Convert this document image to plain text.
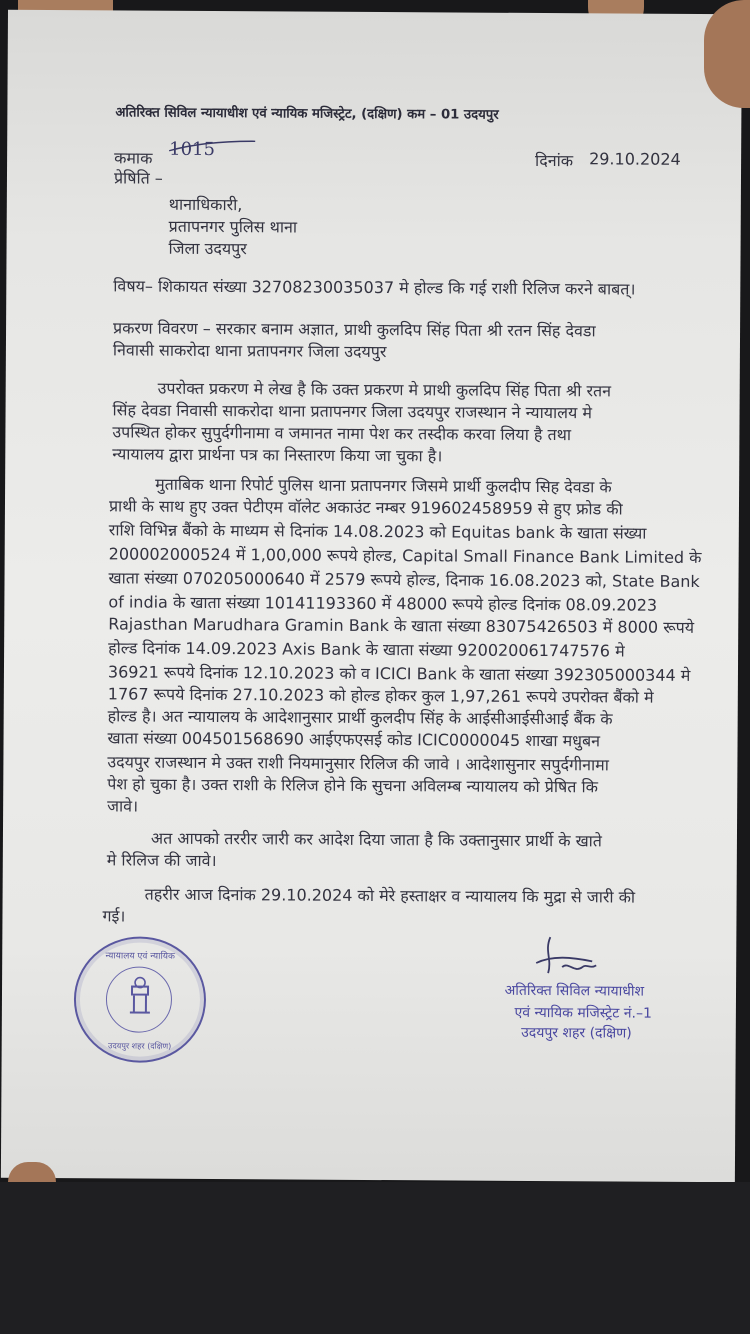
अतिरिक्त सिविल न्यायाधीश एवं न्यायिक मजिस्ट्रेट, (दक्षिण) कम – 01 उदयपुर
कमाक 1015
दिनांक 29.10.2024
प्रेषिति –
थानाधिकारी,
प्रतापनगर पुलिस थाना
जिला उदयपुर
विषय– शिकायत संख्या 32708230035037 मे होल्ड कि गई राशी रिलिज करने बाबत्।
प्रकरण विवरण – सरकार बनाम अज्ञात, प्राथी कुलदिप सिंह पिता श्री रतन सिंह देवडा
निवासी साकरोदा थाना प्रतापनगर जिला उदयपुर
उपरोक्त प्रकरण मे लेख है कि उक्त प्रकरण मे प्राथी कुलदिप सिंह पिता श्री रतन
सिंह देवडा निवासी साकरोदा थाना प्रतापनगर जिला उदयपुर राजस्थान ने न्यायालय मे
उपस्थित होकर सुपुर्दगीनामा व जमानत नामा पेश कर तस्दीक करवा लिया है तथा
न्यायालय द्वारा प्रार्थना पत्र का निस्तारण किया जा चुका है।
मुताबिक थाना रिपोर्ट पुलिस थाना प्रतापनगर जिसमे प्रार्थी कुलदीप सिह देवडा के
प्राथी के साथ हुए उक्त पेटीएम वॉलेट अकाउंट नम्बर 919602458959 से हुए फ्रोड की
राशि विभिन्न बैंको के माध्यम से दिनांक 14.08.2023 को Equitas bank के खाता संख्या
200002000524 में 1,00,000 रूपये होल्ड, Capital Small Finance Bank Limited के
खाता संख्या 070205000640 में 2579 रूपये होल्ड, दिनाक 16.08.2023 को, State Bank
of india के खाता संख्या 10141193360 में 48000 रूपये होल्ड दिनांक 08.09.2023
Rajasthan Marudhara Gramin Bank के खाता संख्या 83075426503 में 8000 रूपये
होल्ड दिनांक 14.09.2023 Axis Bank के खाता संख्या 920020061747576 मे
36921 रूपये दिनांक 12.10.2023 को व ICICI Bank के खाता संख्या 392305000344 मे
1767 रूपये दिनांक 27.10.2023 को होल्ड होकर कुल 1,97,261 रूपये उपरोक्त बैंको मे
होल्ड है। अत न्यायालय के आदेशानुसार प्रार्थी कुलदीप सिंह के आईसीआईसीआई बैंक के
खाता संख्या 004501568690 आईएफएसई कोड ICIC0000045 शाखा मधुबन
उदयपुर राजस्थान मे उक्त राशी नियमानुसार रिलिज की जावे । आदेशासुनार सपुर्दगीनामा
पेश हो चुका है। उक्त राशी के रिलिज होने कि सुचना अविलम्ब न्यायालय को प्रेषित कि
जावे।
अत आपको तररीर जारी कर आदेश दिया जाता है कि उक्तानुसार प्रार्थी के खाते
मे रिलिज की जावे।
तहरीर आज दिनांक 29.10.2024 को मेरे हस्ताक्षर व न्यायालय कि मुद्रा से जारी की
गई।
अतिरिक्त सिविल न्यायाधीश
एवं न्यायिक मजिस्ट्रेट नं.–1
उदयपुर शहर (दक्षिण)
न्यायालय एवं न्यायिक
उदयपुर शहर (दक्षिण)
